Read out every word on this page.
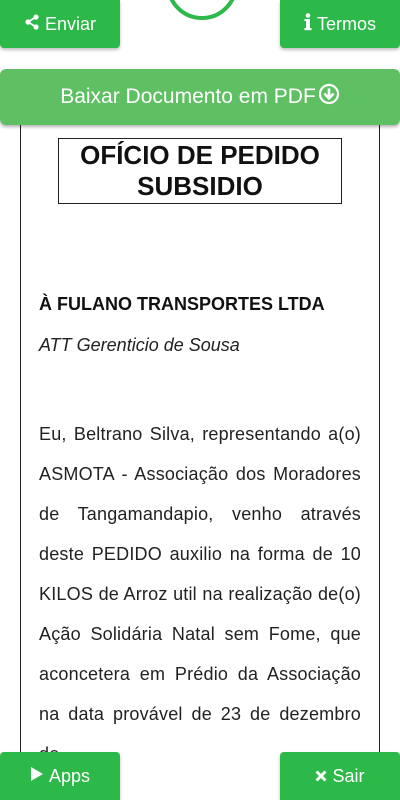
Enviar	Termos
Baixar Documento em PDF
OFÍCIO DE PEDIDO SUBSIDIO
À FULANO TRANSPORTES LTDA
ATT Gerenticio de Sousa

Eu, Beltrano Silva, representando a(o) ASMOTA - Associação dos Moradores de Tangamandapio, venho através deste PEDIDO auxilio na forma de 10 KILOS de Arroz util na realização de(o) Ação Solidária Natal sem Fome, que aconcetera em Prédio da Associação na data provável de 23 de dezembro

Apps	Sair
